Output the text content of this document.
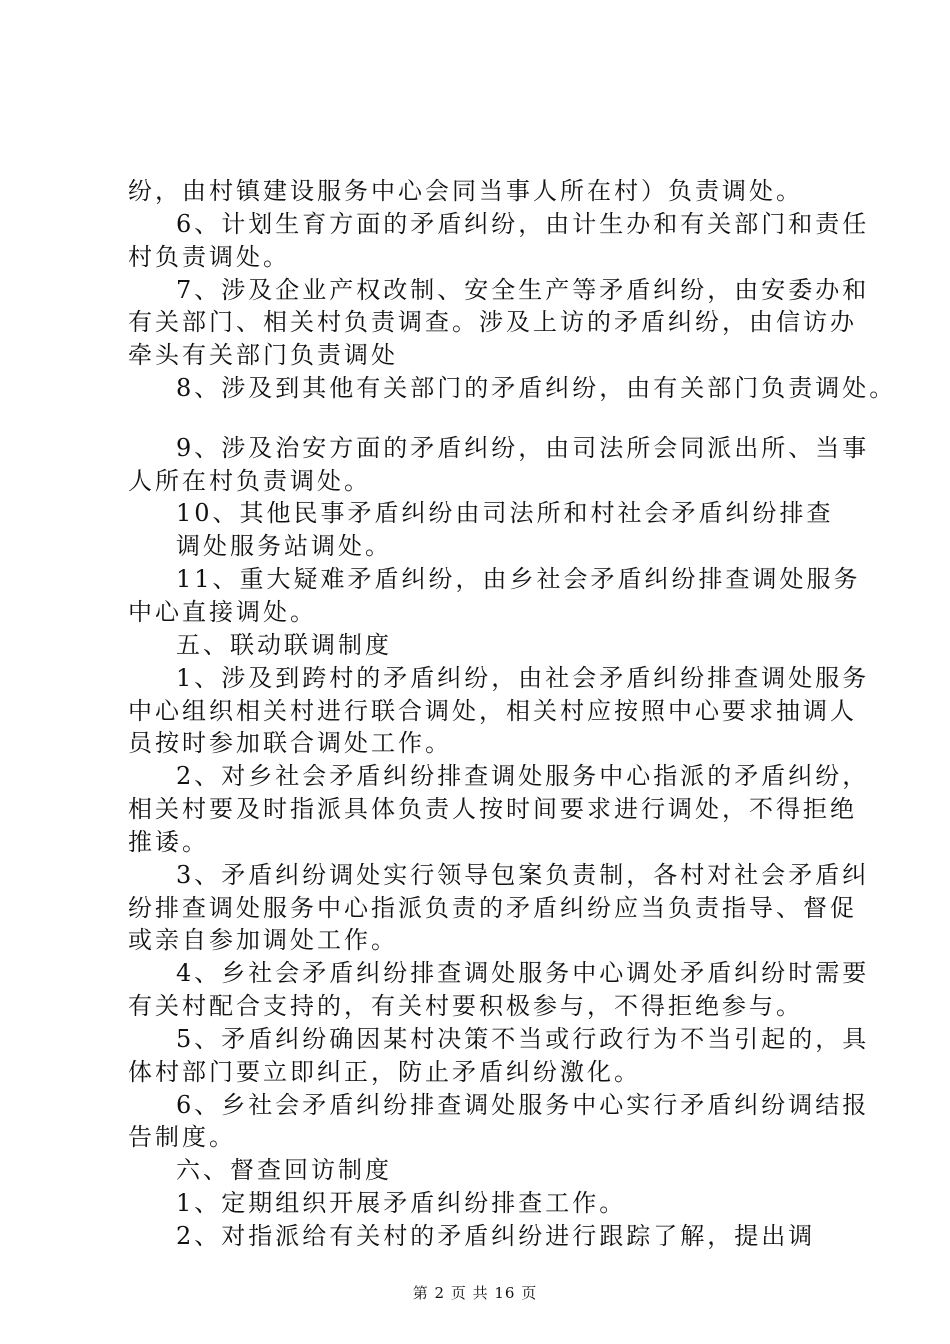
纷，由村镇建设服务中心会同当事人所在村）负责调处。
6、计划生育方面的矛盾纠纷，由计生办和有关部门和责任
村负责调处。
7、涉及企业产权改制、安全生产等矛盾纠纷，由安委办和
有关部门、相关村负责调查。涉及上访的矛盾纠纷，由信访办
牵头有关部门负责调处
8、涉及到其他有关部门的矛盾纠纷，由有关部门负责调处。
9、涉及治安方面的矛盾纠纷，由司法所会同派出所、当事
人所在村负责调处。
10、其他民事矛盾纠纷由司法所和村社会矛盾纠纷排查
调处服务站调处。
11、重大疑难矛盾纠纷，由乡社会矛盾纠纷排查调处服务
中心直接调处。
五、联动联调制度
1、涉及到跨村的矛盾纠纷，由社会矛盾纠纷排查调处服务
中心组织相关村进行联合调处，相关村应按照中心要求抽调人
员按时参加联合调处工作。
2、对乡社会矛盾纠纷排查调处服务中心指派的矛盾纠纷，
相关村要及时指派具体负责人按时间要求进行调处，不得拒绝
推诿。
3、矛盾纠纷调处实行领导包案负责制，各村对社会矛盾纠
纷排查调处服务中心指派负责的矛盾纠纷应当负责指导、督促
或亲自参加调处工作。
4、乡社会矛盾纠纷排查调处服务中心调处矛盾纠纷时需要
有关村配合支持的，有关村要积极参与，不得拒绝参与。
5、矛盾纠纷确因某村决策不当或行政行为不当引起的，具
体村部门要立即纠正，防止矛盾纠纷激化。
6、乡社会矛盾纠纷排查调处服务中心实行矛盾纠纷调结报
告制度。
六、督查回访制度
1、定期组织开展矛盾纠纷排查工作。
2、对指派给有关村的矛盾纠纷进行跟踪了解，提出调
第 2 页 共 16 页
